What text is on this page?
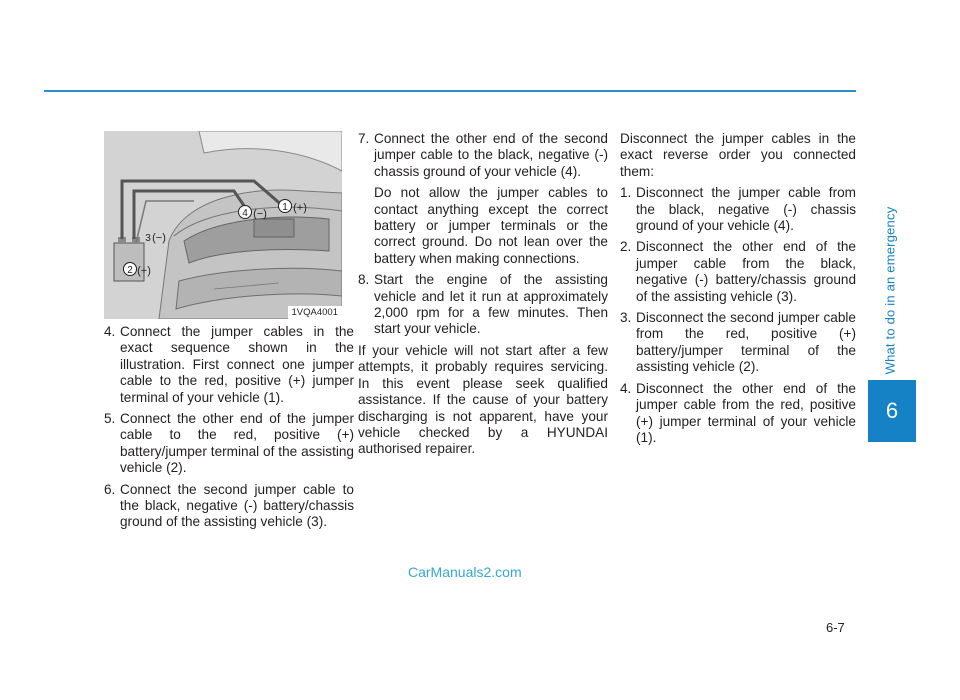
What to do in an emergency
6
1 (+)
4 (−)
3 (−)
2 (+)
1VQA4001
4. Connect the jumper cables in the exact sequence shown in the illustration. First connect one jumper cable to the red, positive (+) jumper terminal of your vehicle (1).
5. Connect the other end of the jumper cable to the red, positive (+) battery/jumper terminal of the assisting vehicle (2).
6. Connect the second jumper cable to the black, negative (-) battery/chassis ground of the assisting vehicle (3).
7. Connect the other end of the second jumper cable to the black, negative (-) chassis ground of your vehicle (4).
Do not allow the jumper cables to contact anything except the correct battery or jumper terminals or the correct ground. Do not lean over the battery when making connections.
8. Start the engine of the assisting vehicle and let it run at approximately 2,000 rpm for a few minutes. Then start your vehicle.

If your vehicle will not start after a few attempts, it probably requires servicing. In this event please seek qualified assistance. If the cause of your battery discharging is not apparent, have your vehicle checked by a HYUNDAI authorised repairer.

Disconnect the jumper cables in the exact reverse order you connected them:

1. Disconnect the jumper cable from the black, negative (-) chassis ground of your vehicle (4).
2. Disconnect the other end of the jumper cable from the black, negative (-) battery/chassis ground of the assisting vehicle (3).
3. Disconnect the second jumper cable from the red, positive (+) battery/jumper terminal of the assisting vehicle (2).
4. Disconnect the other end of the jumper cable from the red, positive (+) jumper terminal of your vehicle (1).
CarManuals2.com
6-7
